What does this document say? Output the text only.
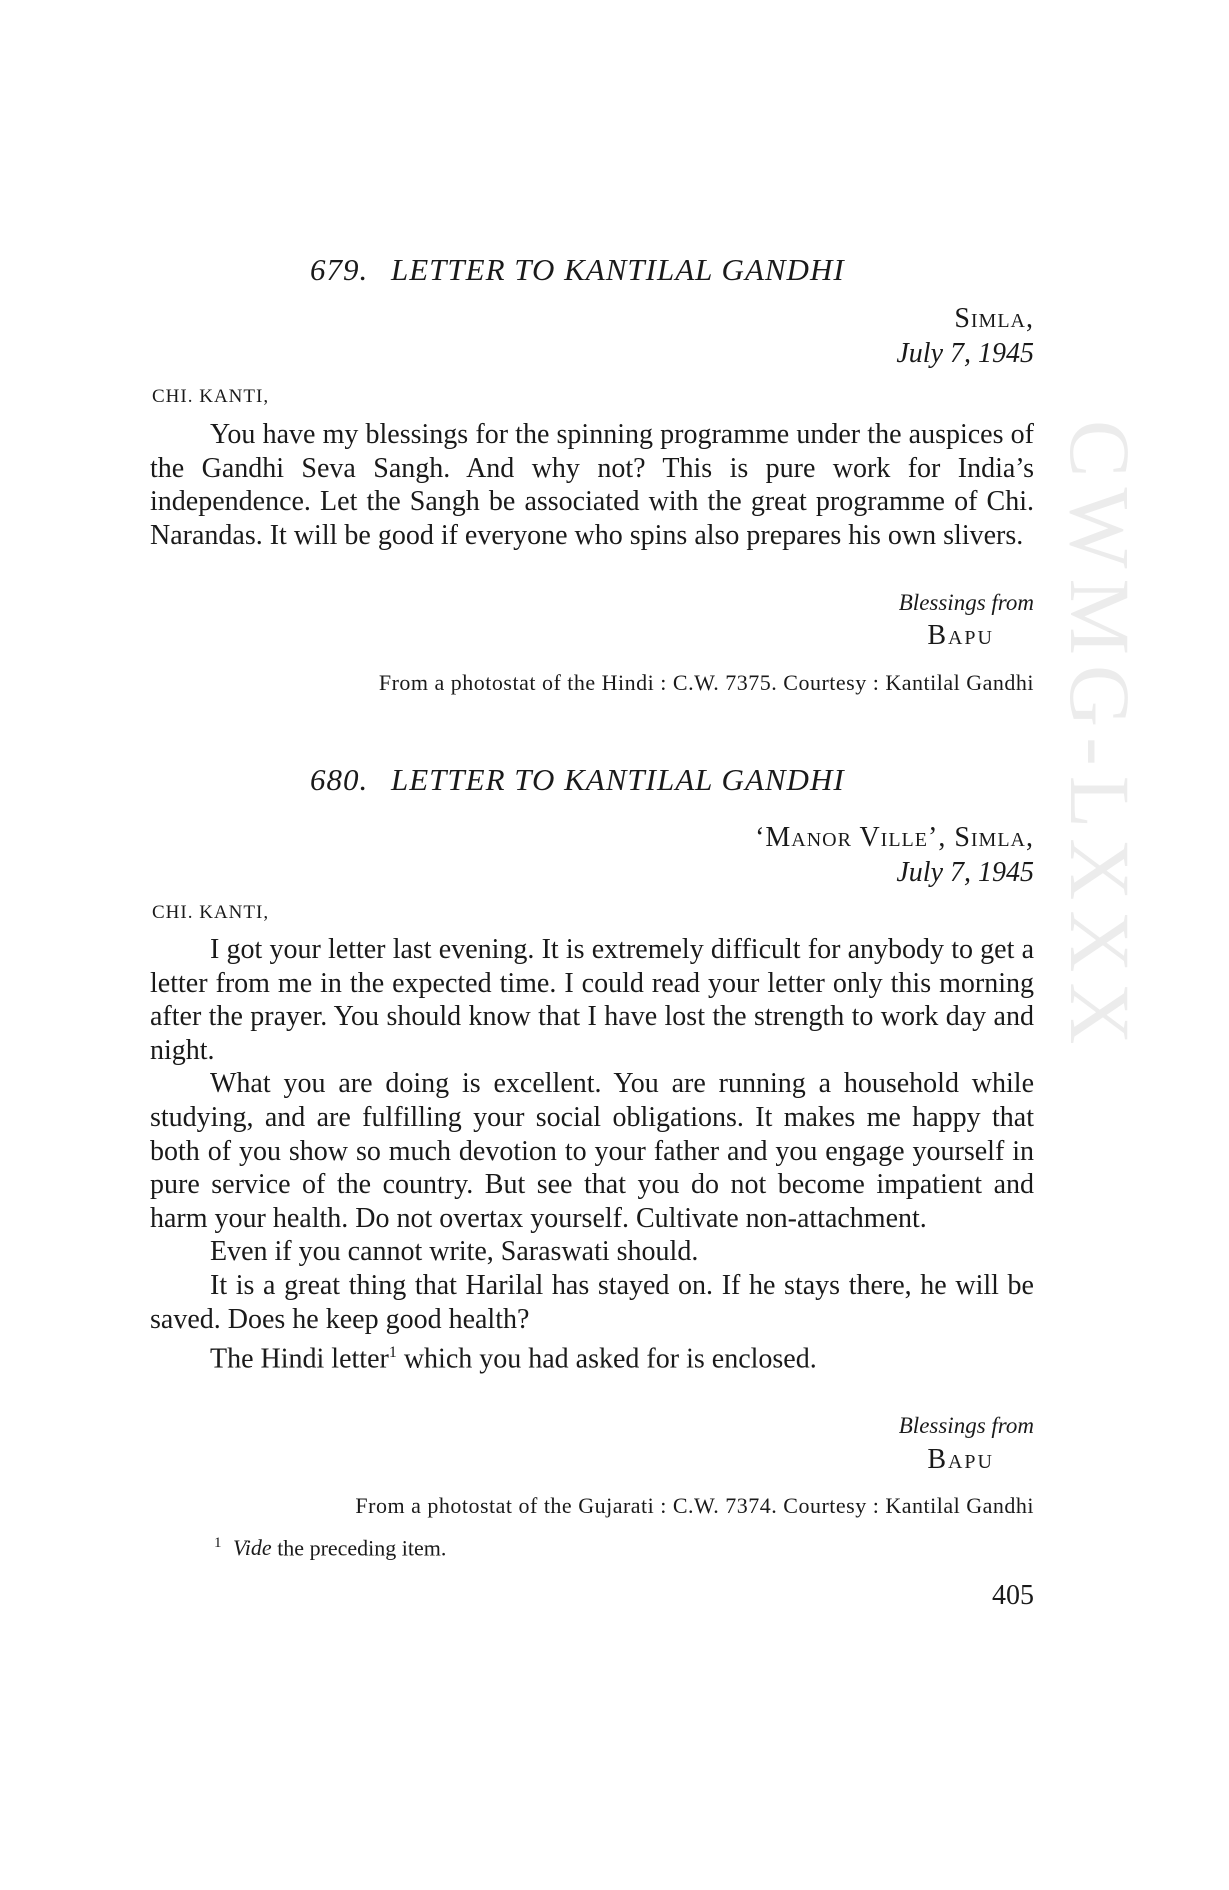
CWMG-LXXX
679. LETTER TO KANTILAL GANDHI
Simla,
July 7, 1945
CHI. KANTI,

You have my blessings for the spinning programme under the auspices of the Gandhi Seva Sangh. And why not? This is pure work for India’s independence. Let the Sangh be associated with the great programme of Chi. Narandas. It will be good if everyone who spins also prepares his own slivers.

Blessings from
Bapu
From a photostat of the Hindi : C.W. 7375. Courtesy : Kantilal Gandhi
680. LETTER TO KANTILAL GANDHI
‘Manor Ville’, Simla,
July 7, 1945
CHI. KANTI,

I got your letter last evening. It is extremely difficult for anybody to get a letter from me in the expected time. I could read your letter only this morning after the prayer. You should know that I have lost the strength to work day and night.

What you are doing is excellent. You are running a household while studying, and are fulfilling your social obligations. It makes me happy that both of you show so much devotion to your father and you engage yourself in pure service of the country. But see that you do not become impatient and harm your health. Do not overtax yourself. Cultivate non-attachment.

Even if you cannot write, Saraswati should.

It is a great thing that Harilal has stayed on. If he stays there, he will be saved. Does he keep good health?

The Hindi letter$^1$ which you had asked for is enclosed.

Blessings from
Bapu
From a photostat of the Gujarati : C.W. 7374. Courtesy : Kantilal Gandhi
$^1$ Vide the preceding item.
405
